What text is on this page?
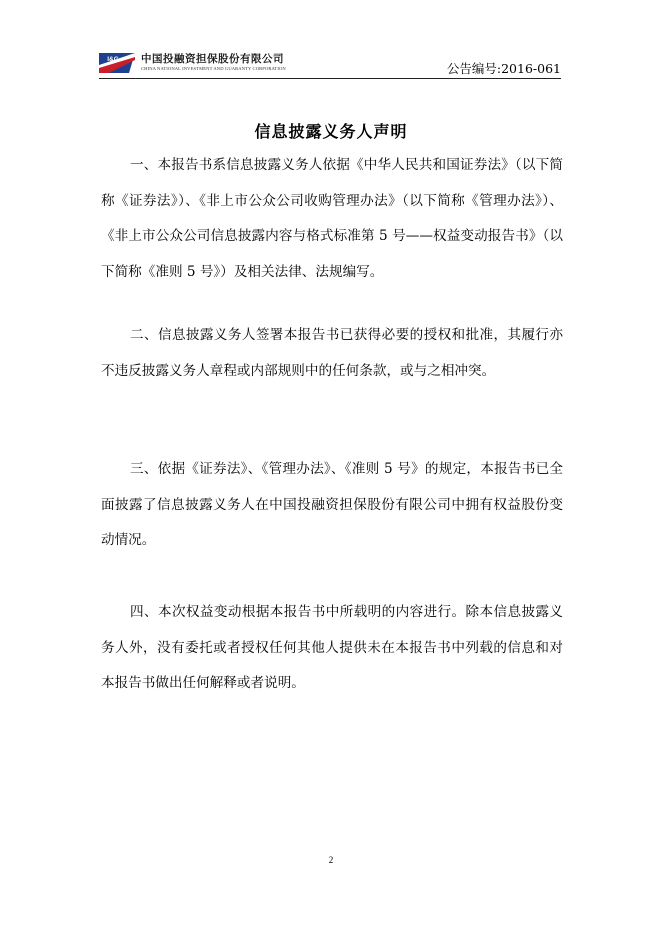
I&G 中国投融资担保股份有限公司
CHINA NATIONAL INVESTMENT AND GUARANTY CORPORATION	公告编号:2016-061
信息披露义务人声明

一、本报告书系信息披露义务人依据《中华人民共和国证券法》（以下简称《证券法》）、《非上市公众公司收购管理办法》（以下简称《管理办法》）、《非上市公众公司信息披露内容与格式标准第 5 号——权益变动报告书》（以下简称《准则 5 号》）及相关法律、法规编写。

二、信息披露义务人签署本报告书已获得必要的授权和批准，其履行亦不违反披露义务人章程或内部规则中的任何条款，或与之相冲突。

三、依据《证券法》、《管理办法》、《准则 5 号》的规定，本报告书已全面披露了信息披露义务人在中国投融资担保股份有限公司中拥有权益股份变动情况。

四、本次权益变动根据本报告书中所载明的内容进行。除本信息披露义务人外，没有委托或者授权任何其他人提供未在本报告书中列载的信息和对本报告书做出任何解释或者说明。

2
